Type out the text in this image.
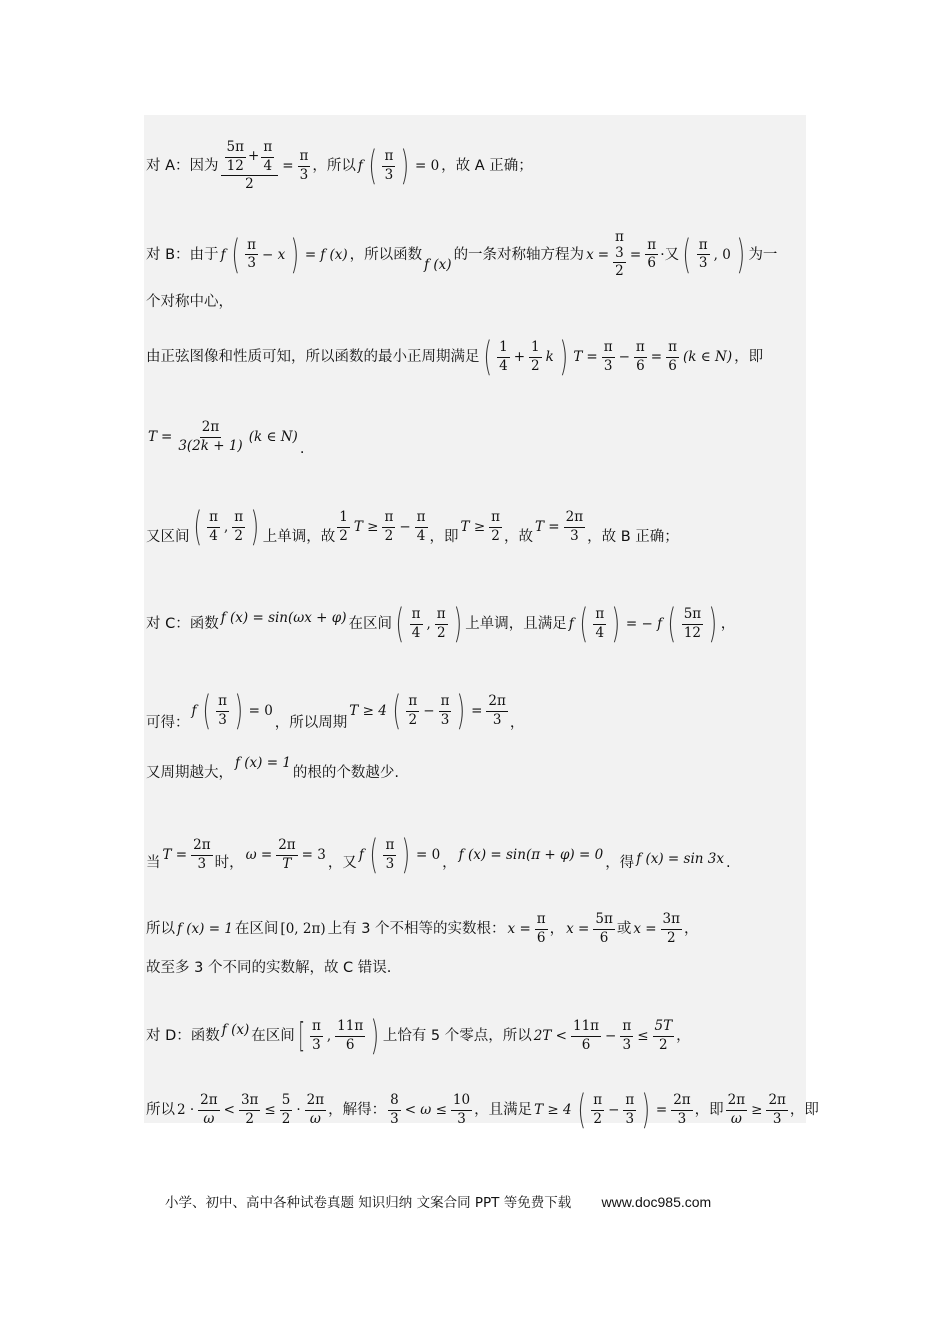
对 A：因为 $\frac{\frac{5\pi}{12} + \frac{\pi}{4}}{2} = \frac{\pi}{3}$ ，所以 f ( $\frac{\pi}{3}$ ) = 0 ，故 A 正确；
对 B：由于 f ( $\frac{\pi}{3} - x$ ) = f (x) ，所以函数
f (x)
的一条对称轴方程为 x = π
3
$2 = \frac{\pi}{6}$ ·又 ( $\frac{\pi}{3}$ , 0 ) 为一
个对称中心，
由正弦图像和性质可知，所以函数的最小正周期满足 ( $\frac{1}{4} + \frac{1}{2}$ k ) $T = \frac{\pi}{3} - \frac{\pi}{6} = \frac{\pi}{6} (k$ ∈ N) ，即
$T = \frac{2\pi}{3(2k + 1)} (k$ ∈ N)
.
又区间 ( $\frac{\pi}{4}$ , $\frac{\pi}{2}$ ) 上单调，故 $\frac{1}{2}$ $T \ge \frac{\pi}{2} - \frac{\pi}{4}$ ，即
$T \ge \frac{\pi}{2}$ ，故
$T = \frac{2\pi}{3}$ ，故 B 正确；
对 C：函数 f (x) = sin(ωx + φ) 在区间 ( $\frac{\pi}{4}$ , $\frac{\pi}{2}$ ) 上单调，且满足 f ( $\frac{\pi}{4}$ ) = − f ( $\frac{5\pi}{12}$ ) ，
可得：
f ( $\frac{\pi}{3}$ ) = 0
，所以周期
T ≥ 4 ( $\frac{\pi}{2} - \frac{\pi}{3}$ ) = $\frac{2\pi}{3}$ ，
又周期越大，
f (x) = 1
的根的个数越少.
当 $T = \frac{2\pi}{3}$ 时， $\omega = \frac{2\pi}{T} = 3$ ，又 f ( $\frac{\pi}{3}$ ) = 0 ， f (x) = sin(π + φ) = 0 ，得 f (x) = sin 3x .
所以 f (x) = 1 在区间 [0, 2π) 上有 3 个不相等的实数根： $x = \frac{\pi}{6}$ ， $x = \frac{5\pi}{6}$ 或 $x = \frac{3\pi}{2}$ ，
故至多 3 个不同的实数解，故 C 错误.
对 D：函数 f (x) 在区间 [ $\frac{\pi}{3}$ , $\frac{11\pi}{6}$ ) 上恰有 5 个零点，所以 $2T < \frac{11\pi}{6} - \frac{\pi}{3} \le \frac{5T}{2}$ ，
所以 $2 \cdot \frac{2\pi}{\omega} < \frac{3\pi}{2} \le \frac{5}{2} \cdot \frac{2\pi}{\omega}$ ，解得： $\frac{8}{3} < \omega \le \frac{10}{3}$ ，且满足 T ≥ 4 ( $\frac{\pi}{2} - \frac{\pi}{3}$ ) = $\frac{2\pi}{3}$ ，即 $\frac{2\pi}{\omega} \ge \frac{2\pi}{3}$ ，即
小学、初中、高中各种试卷真题 知识归纳 文案合同 PPT 等免费下载 www.doc985.com
